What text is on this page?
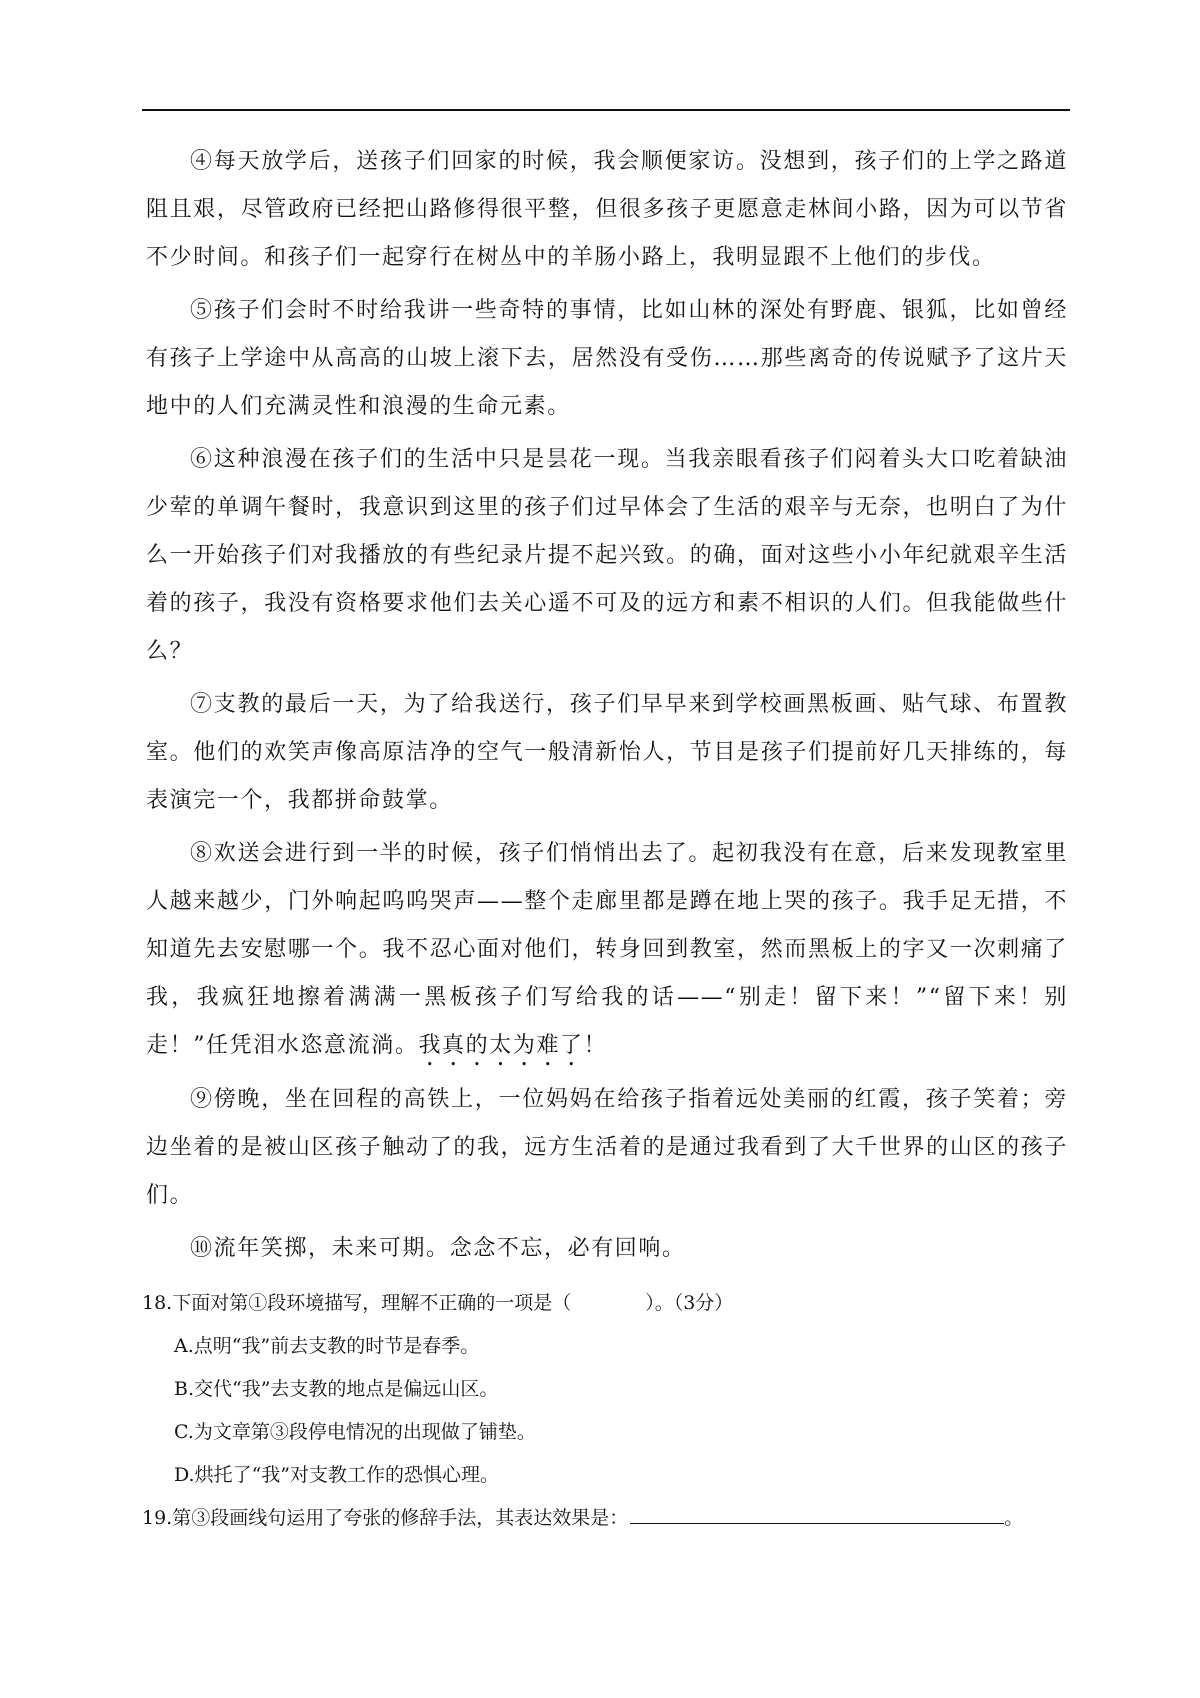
④每天放学后，送孩子们回家的时候，我会顺便家访。没想到，孩子们的上学之路道阻且艰，尽管政府已经把山路修得很平整，但很多孩子更愿意走林间小路，因为可以节省不少时间。和孩子们一起穿行在树丛中的羊肠小路上，我明显跟不上他们的步伐。

⑤孩子们会时不时给我讲一些奇特的事情，比如山林的深处有野鹿、银狐，比如曾经有孩子上学途中从高高的山坡上滚下去，居然没有受伤……那些离奇的传说赋予了这片天地中的人们充满灵性和浪漫的生命元素。

⑥这种浪漫在孩子们的生活中只是昙花一现。当我亲眼看孩子们闷着头大口吃着缺油少荤的单调午餐时，我意识到这里的孩子们过早体会了生活的艰辛与无奈，也明白了为什么一开始孩子们对我播放的有些纪录片提不起兴致。的确，面对这些小小年纪就艰辛生活着的孩子，我没有资格要求他们去关心遥不可及的远方和素不相识的人们。但我能做些什么？

⑦支教的最后一天，为了给我送行，孩子们早早来到学校画黑板画、贴气球、布置教室。他们的欢笑声像高原洁净的空气一般清新怡人，节目是孩子们提前好几天排练的，每表演完一个，我都拼命鼓掌。

⑧欢送会进行到一半的时候，孩子们悄悄出去了。起初我没有在意，后来发现教室里人越来越少，门外响起呜呜哭声——整个走廊里都是蹲在地上哭的孩子。我手足无措，不知道先去安慰哪一个。我不忍心面对他们，转身回到教室，然而黑板上的字又一次刺痛了我，我疯狂地擦着满满一黑板孩子们写给我的话——“别走！留下来！”“留下来！别走！”任凭泪水恣意流淌。我真的太为难了！

⑨傍晚，坐在回程的高铁上，一位妈妈在给孩子指着远处美丽的红霞，孩子笑着；旁边坐着的是被山区孩子触动了的我，远方生活着的是通过我看到了大千世界的山区的孩子们。

⑩流年笑掷，未来可期。念念不忘，必有回响。

18.下面对第①段环境描写，理解不正确的一项是（	）。（3分）

A.点明“我”前去支教的时节是春季。

B.交代“我”去支教的地点是偏远山区。

C.为文章第③段停电情况的出现做了铺垫。

D.烘托了“我”对支教工作的恐惧心理。

19.第③段画线句运用了夸张的修辞手法，其表达效果是：	。
